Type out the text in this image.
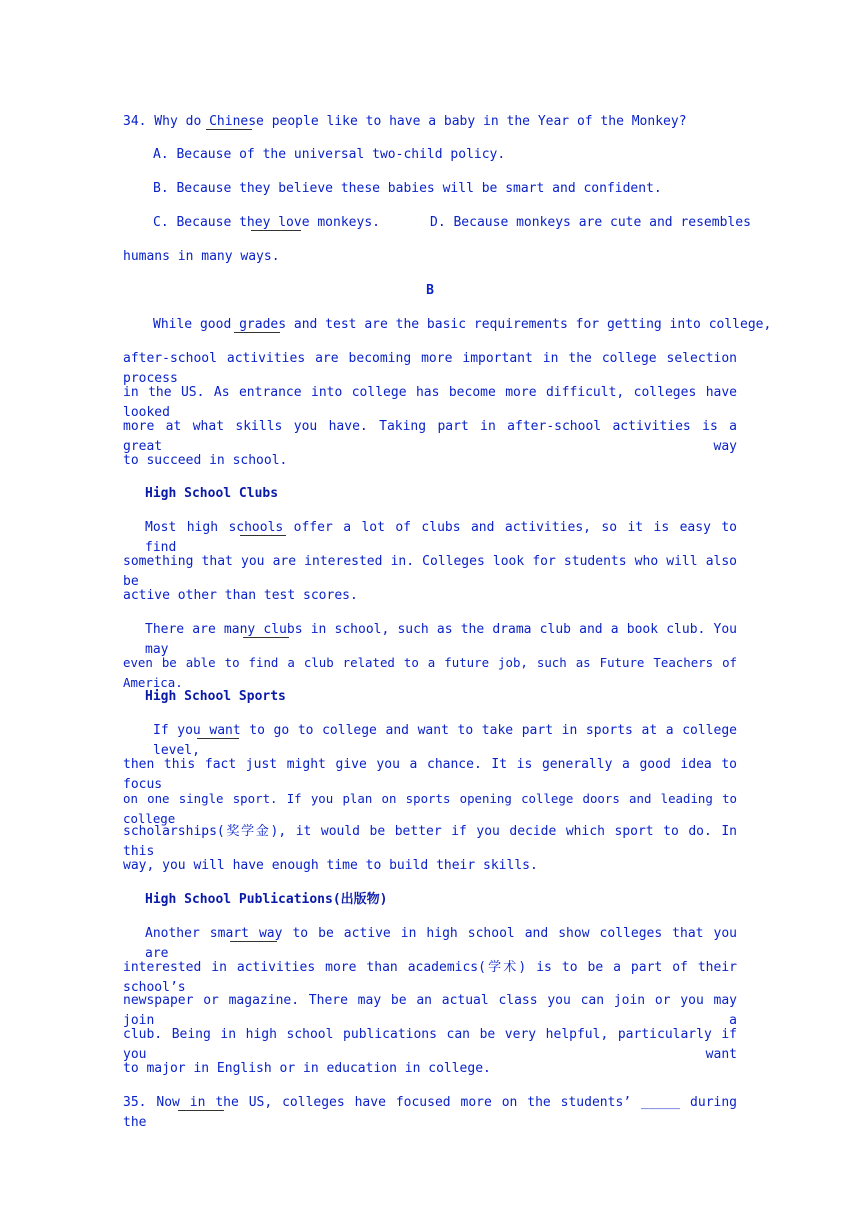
34. Why do Chinese people like to have a baby in the Year of the Monkey?
A. Because of the universal two-child policy.
B. Because they believe these babies will be smart and confident.
C. Because they love monkeys.	D. Because monkeys are cute and resembles
humans in many ways.
B
While good grades and test are the basic requirements for getting into college,
after-school activities are becoming more important in the college selection process
in the US. As entrance into college has become more difficult, colleges have looked
more at what skills you have. Taking part in after-school activities is a great way
to succeed in school.
High School Clubs
Most high schools offer a lot of clubs and activities, so it is easy to find
something that you are interested in. Colleges look for students who will also be
active other than test scores.
There are many clubs in school, such as the drama club and a book club. You may
even be able to find a club related to a future job, such as Future Teachers of America.
High School Sports
If you want to go to college and want to take part in sports at a college level,
then this fact just might give you a chance. It is generally a good idea to focus
on one single sport. If you plan on sports opening college doors and leading to college
scholarships(奖学金), it would be better if you decide which sport to do. In this
way, you will have enough time to build their skills.
High School Publications(出版物)
Another smart way to be active in high school and show colleges that you are
interested in activities more than academics(学术) is to be a part of their school’s
newspaper or magazine. There may be an actual class you can join or you may join a
club. Being in high school publications can be very helpful, particularly if you want
to major in English or in education in college.
35. Now in the US, colleges have focused more on the students’ _____ during the
